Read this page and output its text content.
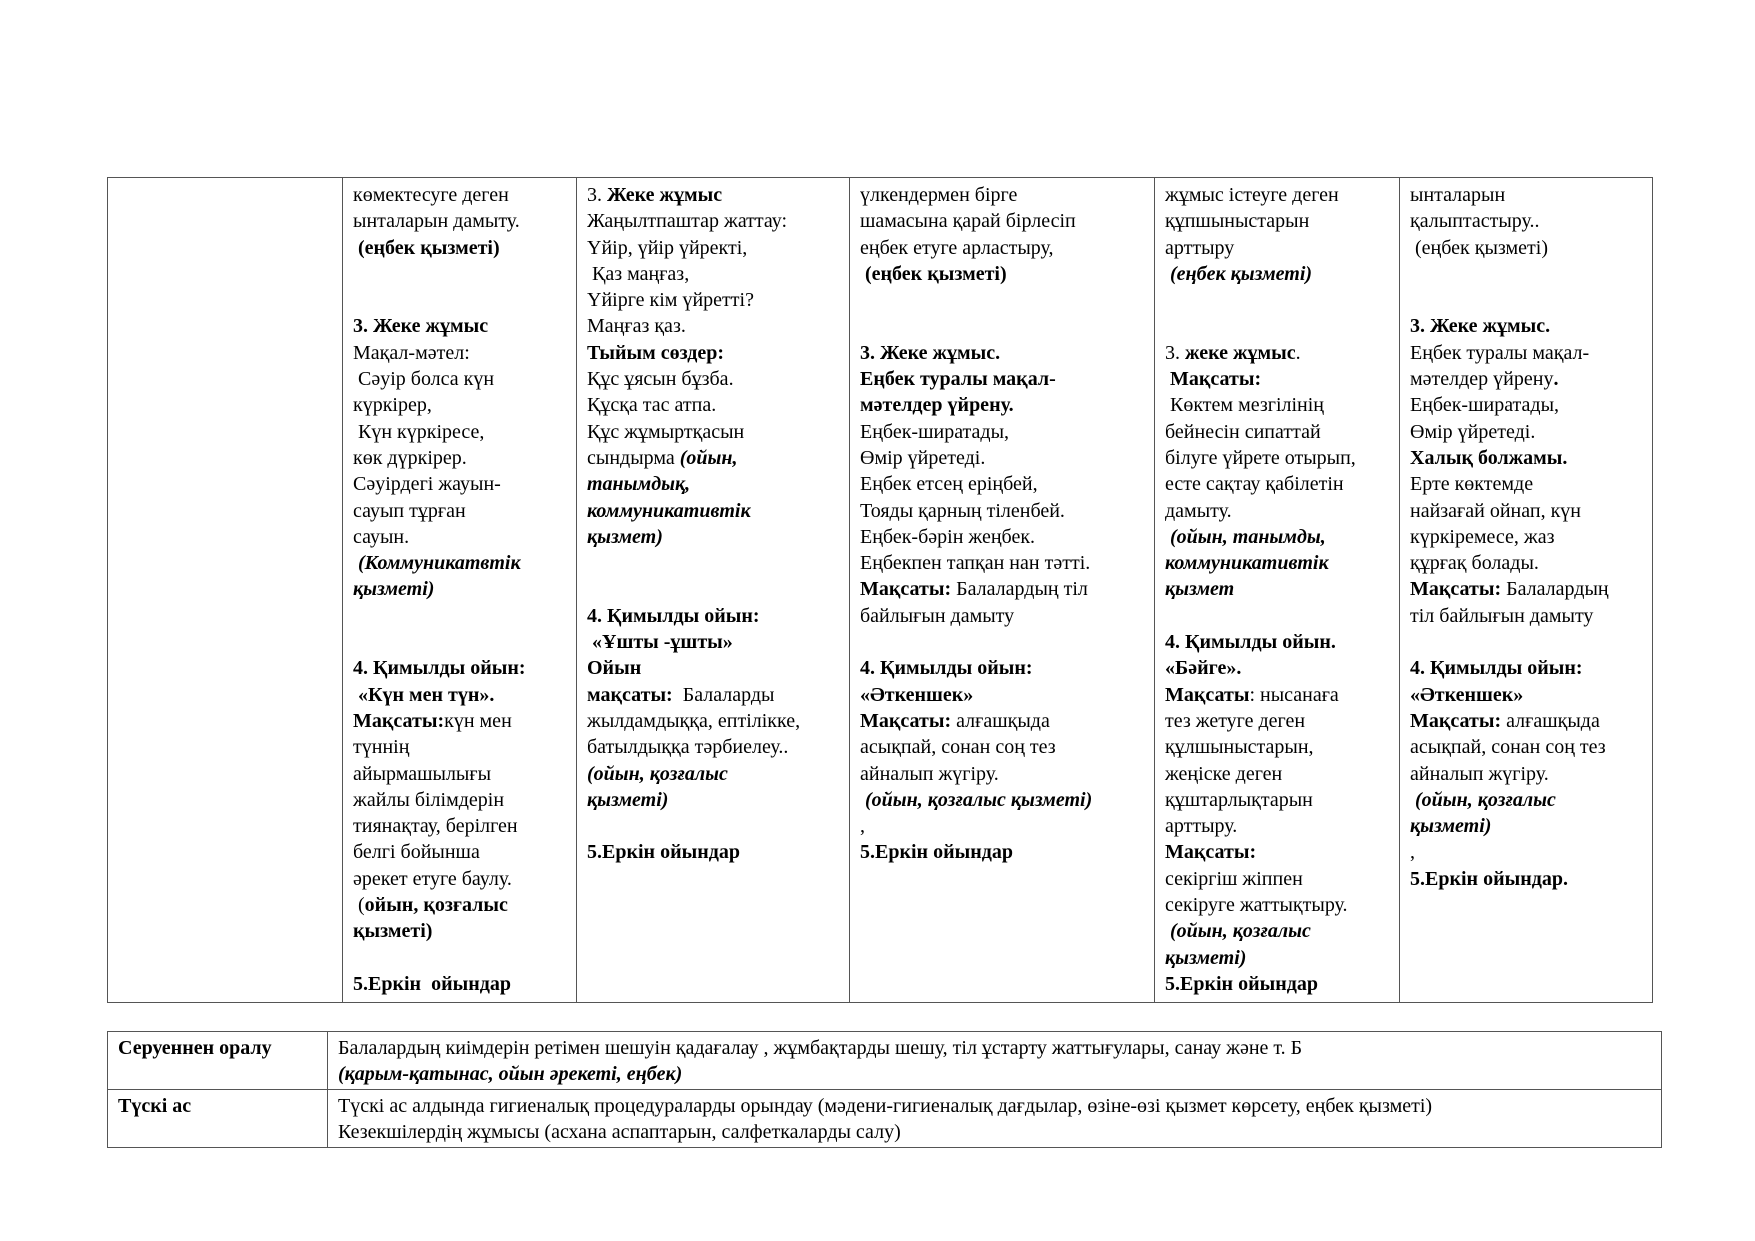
көмектесуге деген
ынталарын дамыту.
(еңбек қызметі)
3. Жеке жұмыс
Мақал-мәтел:
Сәуір болса күн
күркірер,
Күн күркіресе,
көк дүркірер.
Сәуірдегі жауын-
сауып тұрған
сауын.
(Коммуникатвтік
қызметі)
4. Қимылды ойын:
«Күн мен түн».
Мақсаты:күн мен
түннің
айырмашылығы
жайлы білімдерін
тиянақтау, берілген
белгі бойынша
әрекет етуге баулу.
(ойын, қозғалыс
қызметі)
5.Еркін  ойындар

3. Жеке жұмыс
Жаңылтпаштар жаттау:
Үйір, үйір үйректі,
Қаз маңғаз,
Үйірге кім үйретті?
Маңғаз қаз.
Тыйым сөздер:
Құс ұясын бұзба.
Құсқа тас атпа.
Құс жұмыртқасын
сындырма (ойын,
танымдық,
коммуникативтік
қызмет)
4. Қимылды ойын:
«Ұшты -ұшты»
Ойын
мақсаты:  Балаларды
жылдамдыққа, ептілікке,
батылдыққа тәрбиелеу..
(ойын, қозғалыс
қызметі)
5.Еркін ойындар

үлкендермен бірге
шамасына қарай бірлесіп
еңбек етуге арластыру,
(еңбек қызметі)
3. Жеке жұмыс.
Еңбек туралы мақал-
мәтелдер үйрену.
Еңбек-ширатады,
Өмір үйретеді.
Еңбек етсең еріңбей,
Тояды қарның тіленбей.
Еңбек-бәрін жеңбек.
Еңбекпен тапқан нан тәтті.
Мақсаты: Балалардың тіл
байлығын дамыту
4. Қимылды ойын:
«Әткеншек»
Мақсаты: алғашқыда
асықпай, сонан соң тез
айналып жүгіру.
(ойын, қозғалыс қызметі)
,
5.Еркін ойындар

жұмыс істеуге деген
құпшыныстарын
арттыру
(еңбек қызметі)
3. жеке жұмыс.
Мақсаты:
Көктем мезгілінің
бейнесін сипаттай
білуге үйрете отырып,
есте сақтау қабілетін
дамыту.
(ойын, танымды,
коммуникативтік
қызмет
4. Қимылды ойын.
«Бәйге».
Мақсаты: нысанаға
тез жетуге деген
құлшыныстарын,
жеңіске деген
құштарлықтарын
арттыру.
Мақсаты:
секіргіш жіппен
секіруге жаттықтыру.
(ойын, қозғалыс
қызметі)
5.Еркін ойындар

ынталарын
қалыптастыру..
(еңбек қызметі)
3. Жеке жұмыс.
Еңбек туралы мақал-
мәтелдер үйрену.
Еңбек-ширатады,
Өмір үйретеді.
Халық болжамы.
Ерте көктемде
найзағай ойнап, күн
күркіремесе, жаз
құрғақ болады.
Мақсаты: Балалардың
тіл байлығын дамыту
4. Қимылды ойын:
«Әткеншек»
Мақсаты: алғашқыда
асықпай, сонан соң тез
айналып жүгіру.
(ойын, қозғалыс
қызметі)
,
5.Еркін ойындар.
Серуеннен оралу	Балалардың киімдерін ретімен шешуін қадағалау , жұмбақтарды шешу, тіл ұстарту жаттығулары, санау және т. Б
(қарым-қатынас, ойын әрекеті, еңбек)

Түскі ас	Түскі ас алдында гигиеналық процедураларды орындау (мәдени-гигиеналық дағдылар, өзіне-өзі қызмет көрсету, еңбек қызметі)
Кезекшілердің жұмысы (асхана аспаптарын, салфеткаларды салу)
